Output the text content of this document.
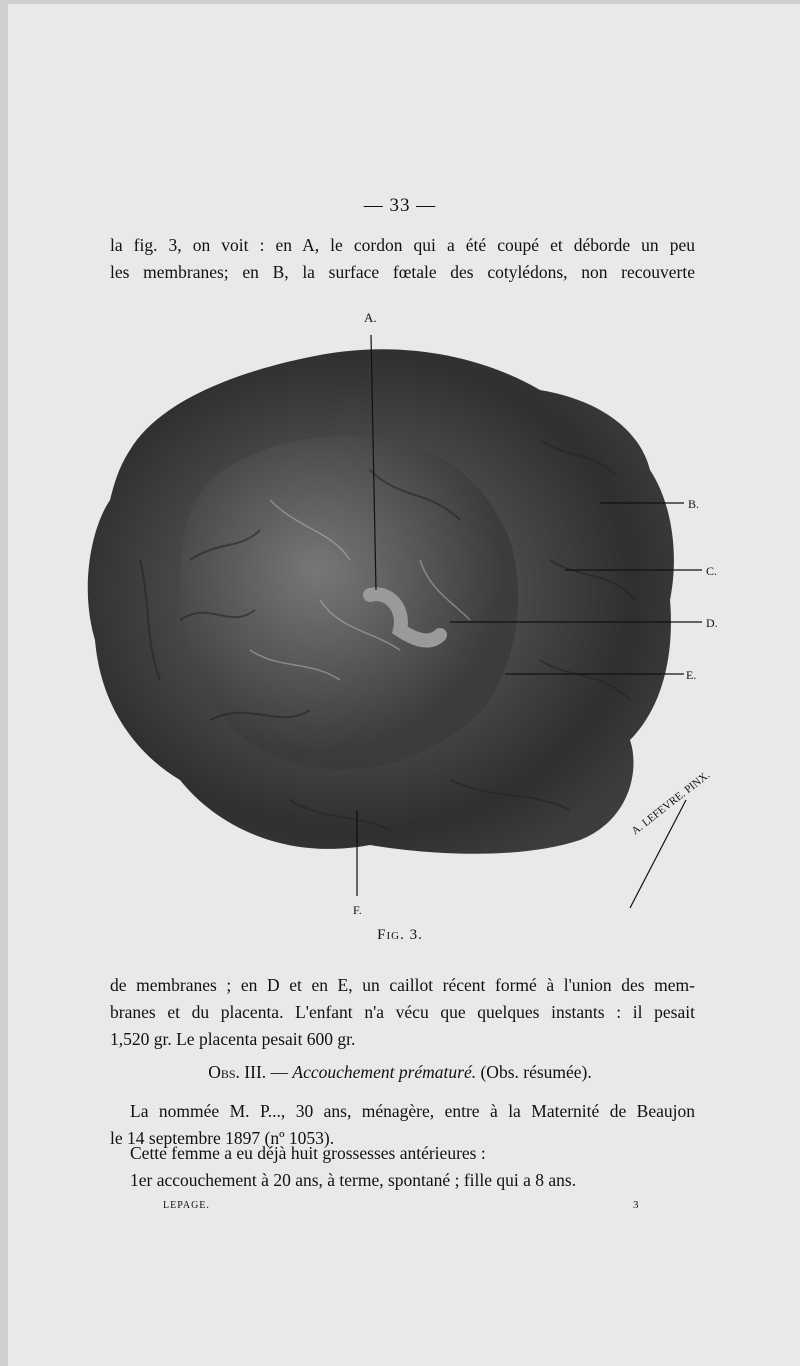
— 33 —
la fig. 3, on voit : en A, le cordon qui a été coupé et déborde un peu
les membranes; en B, la surface fœtale des cotylédons, non recouverte
A.
B.
C.
D.
E.
F.
A. LEFEVRE. PINX.
Fig. 3.
de membranes ; en D et en E, un caillot récent formé à l'union des mem-
branes et du placenta. L'enfant n'a vécu que quelques instants : il pesait
1,520 gr. Le placenta pesait 600 gr.
Obs. III. — Accouchement prématuré. (Obs. résumée).
La nommée M. P..., 30 ans, ménagère, entre à la Maternité de Beaujon
le 14 septembre 1897 (nº 1053).
Cette femme a eu déjà huit grossesses antérieures :
1er accouchement à 20 ans, à terme, spontané ; fille qui a 8 ans.
LEPAGE.	3
